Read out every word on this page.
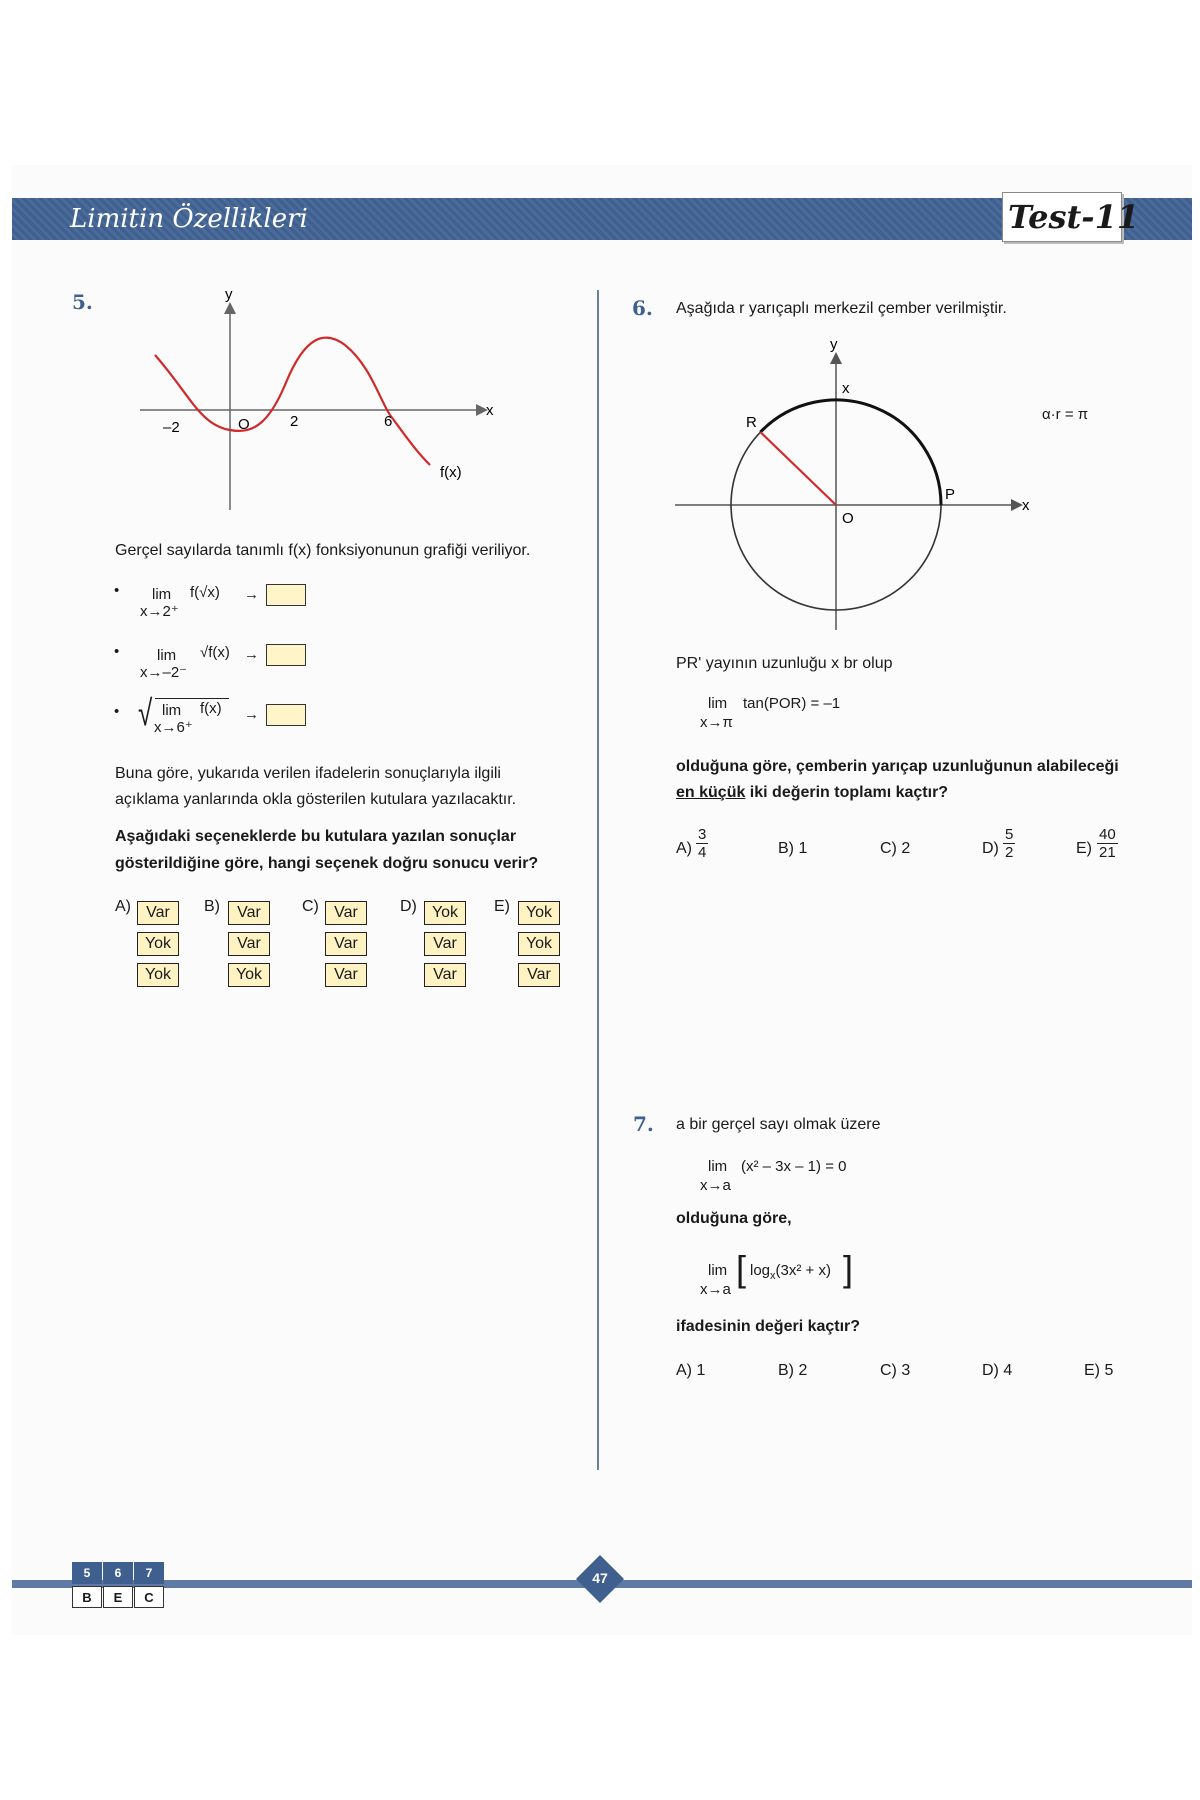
Limitin Özellikleri	Test-11
5.
x
y
O
–2	2	6
f(x)
Gerçel sayılarda tanımlı f(x) fonksiyonunun grafiği veriliyor.
• lim
x→2⁺
f(√x) →
•	lim
x→–2⁻
√f(x) →
• √ lim
x→6⁺
f(x) →
Buna göre, yukarıda verilen ifadelerin sonuçlarıyla ilgili
açıklama yanlarında okla gösterilen kutulara yazılacaktır.
Aşağıdaki seçeneklerde bu kutulara yazılan sonuçlar
gösterildiğine göre, hangi seçenek doğru sonucu verir?
A) Var
Yok
Yok
B)	Var
Var
Yok
C) Var
Var
Var
D) Yok
Var
Var
E) Yok
Yok
Var
6. Aşağıda r yarıçaplı merkezil çember verilmiştir.
x
y
O
R
P
x
α·r = π
PR' yayının uzunluğu x br olup
lim
x→π
tan(POR) = –1
olduğuna göre, çemberin yarıçap uzunluğunun alabileceği
en küçük iki değerin toplamı kaçtır?
$A) \frac{3}{4}$	B) 1	C) 2	$D) \frac{5}{2}$	$E) \frac{40}{21}$
7. a bir gerçel sayı olmak üzere
lim
x→a
(x² – 3x – 1) = 0
olduğuna göre,
lim
x→a
[ $\log_x(3x^2 + x)$ ]
ifadesinin değeri kaçtır?
A) 1	B) 2	C) 3	D) 4	E) 5
5	6	7
B	E	C
47
